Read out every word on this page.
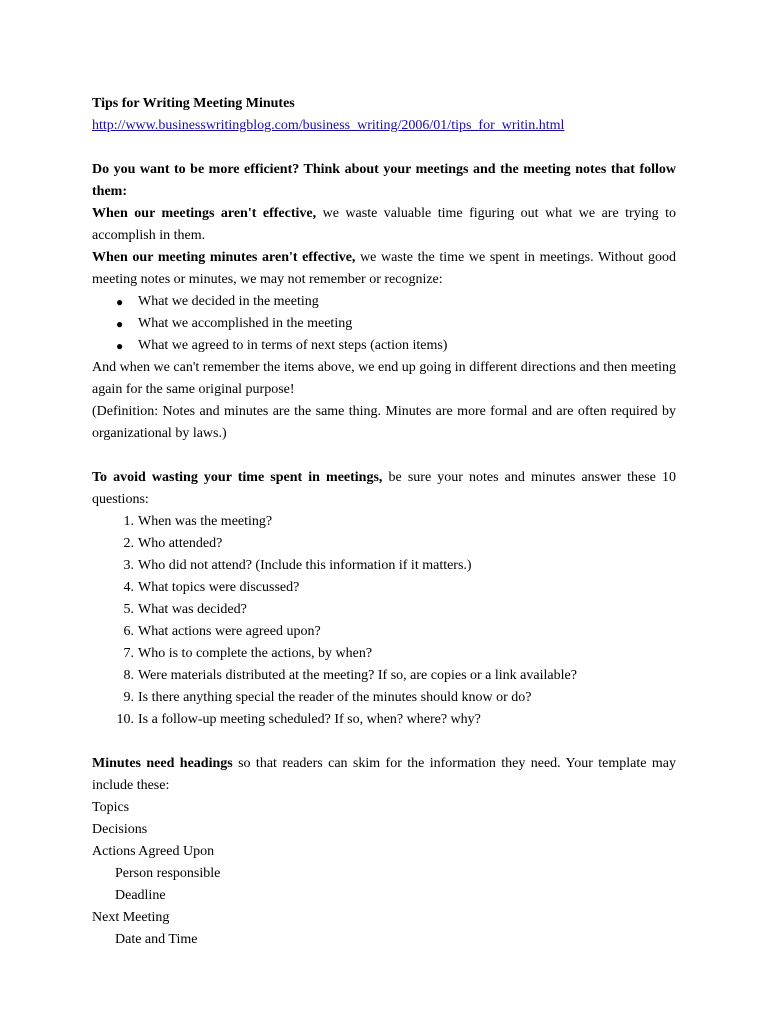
Tips for Writing Meeting Minutes
http://www.businesswritingblog.com/business_writing/2006/01/tips_for_writin.html

Do you want to be more efficient? Think about your meetings and the meeting notes that follow them:

When our meetings aren't effective, we waste valuable time figuring out what we are trying to accomplish in them.

When our meeting minutes aren't effective, we waste the time we spent in meetings. Without good meeting notes or minutes, we may not remember or recognize:

●	What we decided in the meeting
●	What we accomplished in the meeting
●	What we agreed to in terms of next steps (action items)

And when we can't remember the items above, we end up going in different directions and then meeting again for the same original purpose!

(Definition: Notes and minutes are the same thing. Minutes are more formal and are often required by organizational by laws.)

To avoid wasting your time spent in meetings, be sure your notes and minutes answer these 10 questions:

1. When was the meeting?
2. Who attended?
3. Who did not attend? (Include this information if it matters.)
4. What topics were discussed?
5. What was decided?
6. What actions were agreed upon?
7. Who is to complete the actions, by when?
8. Were materials distributed at the meeting? If so, are copies or a link available?
9. Is there anything special the reader of the minutes should know or do?
10. Is a follow-up meeting scheduled? If so, when? where? why?

Minutes need headings so that readers can skim for the information they need. Your template may include these:

Topics
Decisions
Actions Agreed Upon
Person responsible
Deadline
Next Meeting
Date and Time
